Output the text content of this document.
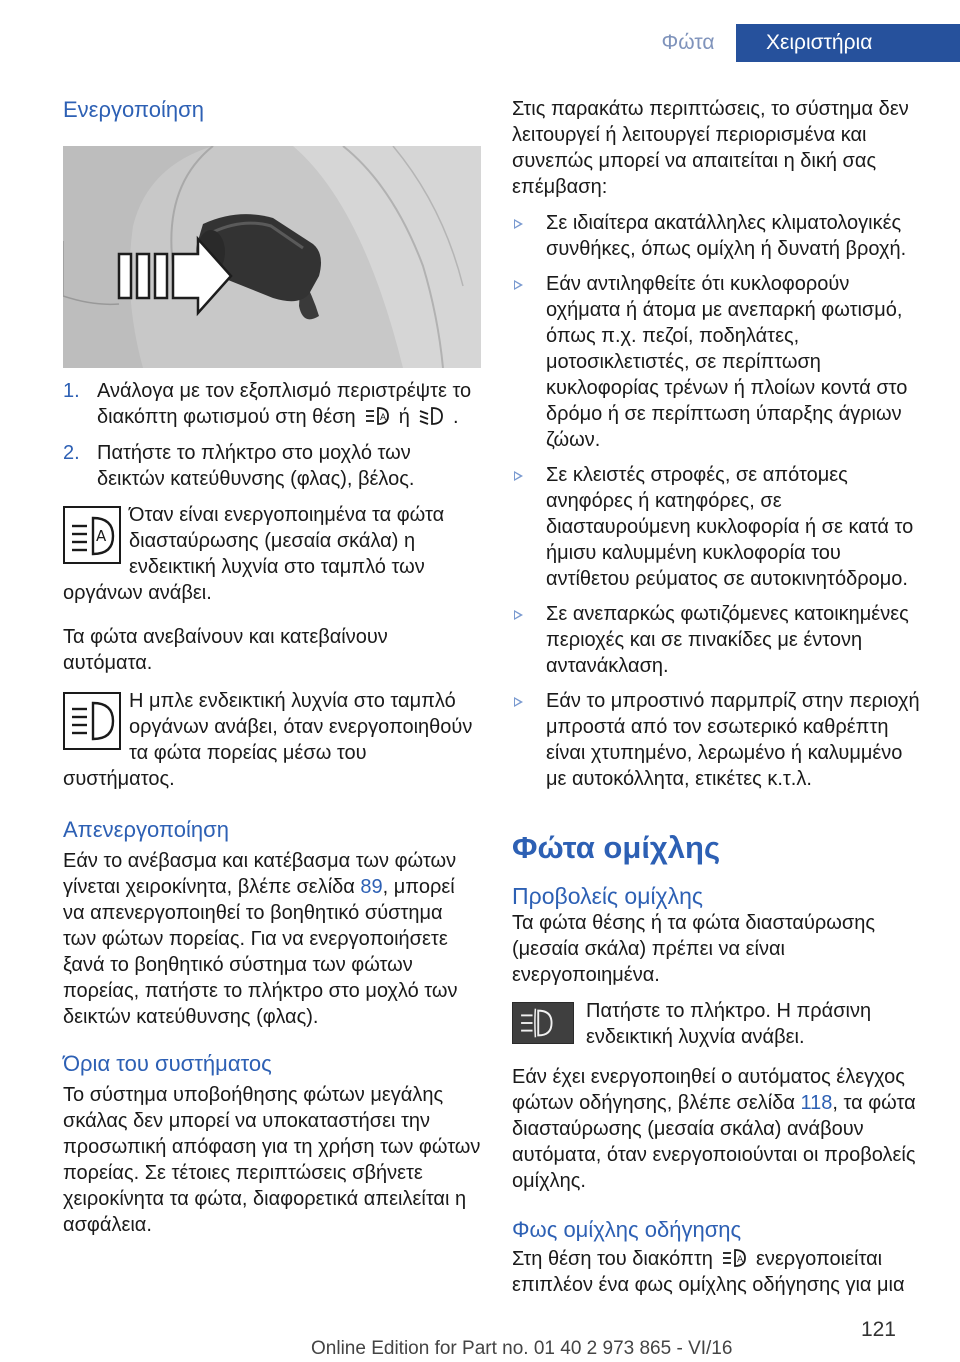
Φώτα	Χειριστήρια
Ενεργοποίηση
1. Ανάλογα με τον εξοπλισμό περιστρέψτε το διακόπτη φωτισμού στη θέση	A ή .
2. Πατήστε το πλήκτρο στο μοχλό των δεικτών κατεύθυνσης (φλας), βέλος.
A

Όταν είναι ενεργοποιημένα τα φώτα διασταύρωσης (μεσαία σκάλα) η ενδεικτική λυχνία στο ταμπλό των οργάνων ανάβει.

Τα φώτα ανεβαίνουν και κατεβαίνουν αυτόματα.

Η μπλε ενδεικτική λυχνία στο ταμπλό οργάνων ανάβει, όταν ενεργοποιηθούν τα φώτα πορείας μέσω του συστήματος.

Απενεργοποίηση

Εάν το ανέβασμα και κατέβασμα των φώτων γίνεται χειροκίνητα, βλέπε σελίδα 89, μπορεί να απενεργοποιηθεί το βοηθητικό σύστημα των φώτων πορείας. Για να ενεργοποιήσετε ξανά το βοηθητικό σύστημα των φώτων πορείας, πατήστε το πλήκτρο στο μοχλό των δεικτών κατεύθυνσης (φλας).

Όρια του συστήματος

Το σύστημα υποβοήθησης φώτων μεγάλης σκάλας δεν μπορεί να υποκαταστήσει την προσωπική απόφαση για τη χρήση των φώτων πορείας. Σε τέτοιες περιπτώσεις σβήνετε χειροκίνητα τα φώτα, διαφορετικά απειλείται η ασφάλεια.

Στις παρακάτω περιπτώσεις, το σύστημα δεν λειτουργεί ή λειτουργεί περιορισμένα και συνεπώς μπορεί να απαιτείται η δική σας επέμβαση:

Σε ιδιαίτερα ακατάλληλες κλιματολογικές συνθήκες, όπως ομίχλη ή δυνατή βροχή.
Εάν αντιληφθείτε ότι κυκλοφορούν οχήματα ή άτομα με ανεπαρκή φωτισμό, όπως π.χ. πεζοί, ποδηλάτες, μοτοσικλετιστές, σε περίπτωση κυκλοφορίας τρένων ή πλοίων κοντά στο δρόμο ή σε περίπτωση ύπαρξης άγριων ζώων.
Σε κλειστές στροφές, σε απότομες ανηφόρες ή κατηφόρες, σε διασταυρούμενη κυκλοφορία ή σε κατά το ήμισυ καλυμμένη κυκλοφορία του αντίθετου ρεύματος σε αυτοκινητόδρομο.
Σε ανεπαρκώς φωτιζόμενες κατοικημένες περιοχές και σε πινακίδες με έντονη αντανάκλαση.
Εάν το μπροστινό παρμπρίζ στην περιοχή μπροστά από τον εσωτερικό καθρέπτη είναι χτυπημένο, λερωμένο ή καλυμμένο με αυτοκόλλητα, ετικέτες κ.τ.λ.
Φώτα ομίχλης
Προβολείς ομίχλης

Τα φώτα θέσης ή τα φώτα διασταύρωσης (μεσαία σκάλα) πρέπει να είναι ενεργοποιημένα.

Πατήστε το πλήκτρο. Η πράσινη ενδεικτική λυχνία ανάβει.

Εάν έχει ενεργοποιηθεί ο αυτόματος έλεγχος φώτων οδήγησης, βλέπε σελίδα 118, τα φώτα διασταύρωσης (μεσαία σκάλα) ανάβουν αυτόματα, όταν ενεργοποιούνται οι προβολείς ομίχλης.

Φως ομίχλης οδήγησης

Στη θέση του διακόπτη	A ενεργοποιείται επιπλέον ένα φως ομίχλης οδήγησης για μια

121
Online Edition for Part no. 01 40 2 973 865 - VI/16
